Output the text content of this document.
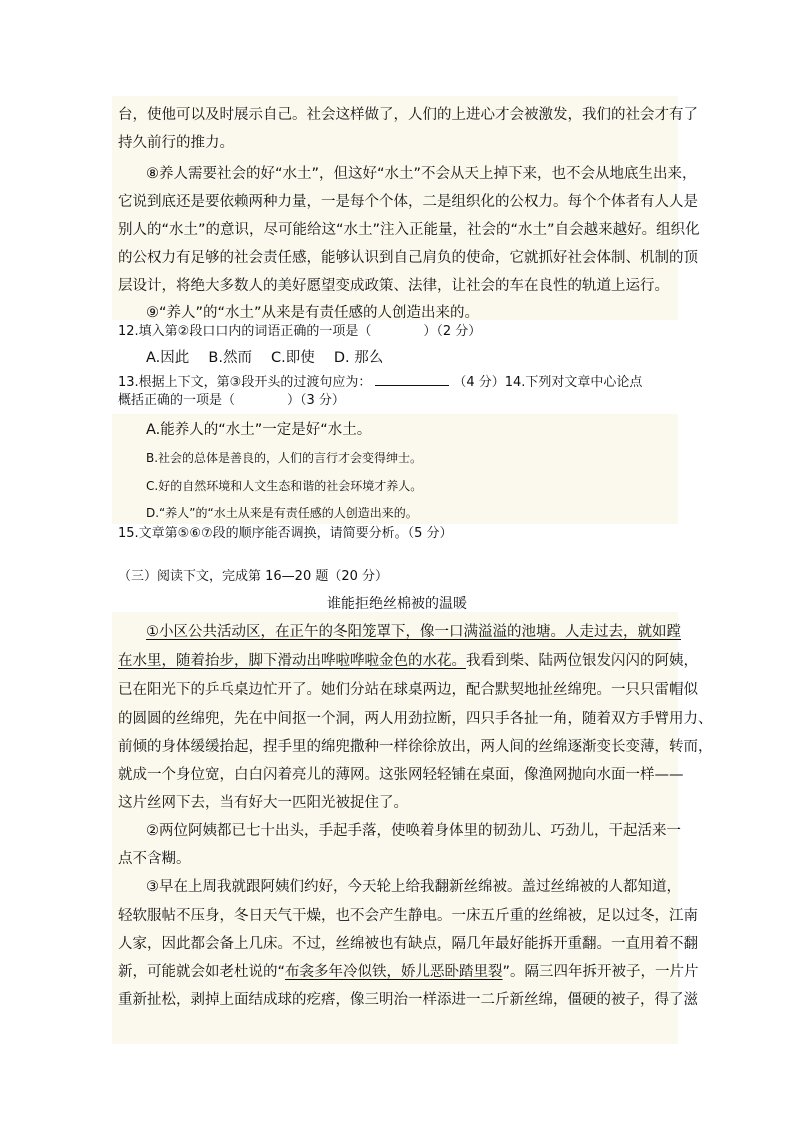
台，使他可以及时展示自己。社会这样做了，人们的上进心才会被激发，我们的社会才有了
持久前行的推力。
⑧养人需要社会的好“水土”，但这好“水土”不会从天上掉下来，也不会从地底生出来，
它说到底还是要依赖两种力量，一是每个个体，二是组织化的公权力。每个个体者有人人是
别人的“水土”的意识，尽可能给这“水土”注入正能量，社会的“水土”自会越来越好。组织化
的公权力有足够的社会责任感，能够认识到自己肩负的使命，它就抓好社会体制、机制的顶
层设计，将绝大多数人的美好愿望变成政策、法律，让社会的车在良性的轨道上运行。
⑨“养人”的“水土”从来是有责任感的人创造出来的。
12.填入第②段口口内的词语正确的一项是（　　　　）（2 分）
A.因此　 B.然而　 C.即使　 D. 那么
13.根据上下文，第③段开头的过渡句应为：	（4 分）14.下列对文章中心论点
概括正确的一项是（　　　　）（3 分）
A.能养人的“水土”一定是好“水土。
B.社会的总体是善良的，人们的言行才会变得绅士。
C.好的自然环境和人文生态和谐的社会环境才养人。
D.“养人”的“水土从来是有责任感的人创造出来的。
15.文章第⑤⑥⑦段的顺序能否调换，请简要分析。（5 分）
（三）阅读下文，完成第 16—20 题（20 分）
谁能拒绝丝棉被的温暖
①小区公共活动区，在正午的冬阳笼罩下，像一口满溢溢的池塘。人走过去，就如蹚
在水里，随着抬步，脚下滑动出哗啦哗啦金色的水花。我看到柴、陆两位银发闪闪的阿姨，
已在阳光下的乒乓桌边忙开了。她们分站在球桌两边，配合默契地扯丝绵兜。一只只雷帽似
的圆圆的丝绵兜，先在中间抠一个洞，两人用劲拉断，四只手各扯一角，随着双方手臂用力、
前倾的身体缓缓抬起，捏手里的绵兜撒种一样徐徐放出，两人间的丝绵逐渐变长变薄，转而，
就成一个身位宽，白白闪着亮儿的薄网。这张网轻轻铺在桌面，像渔网抛向水面一样——
这片丝网下去，当有好大一匹阳光被捉住了。
②两位阿姨都已七十出头，手起手落，使唤着身体里的韧劲儿、巧劲儿，干起活来一
点不含糊。
③早在上周我就跟阿姨们约好，今天轮上给我翻新丝绵被。盖过丝绵被的人都知道，
轻软服帖不压身，冬日天气干燥，也不会产生静电。一床五斤重的丝绵被，足以过冬，江南
人家，因此都会备上几床。不过，丝绵被也有缺点，隔几年最好能拆开重翻。一直用着不翻
新，可能就会如老杜说的“布衾多年冷似铁，娇儿恶卧踏里裂”。隔三四年拆开被子，一片片
重新扯松，剥掉上面结成球的疙瘩，像三明治一样添进一二斤新丝绵，僵硬的被子，得了滋
